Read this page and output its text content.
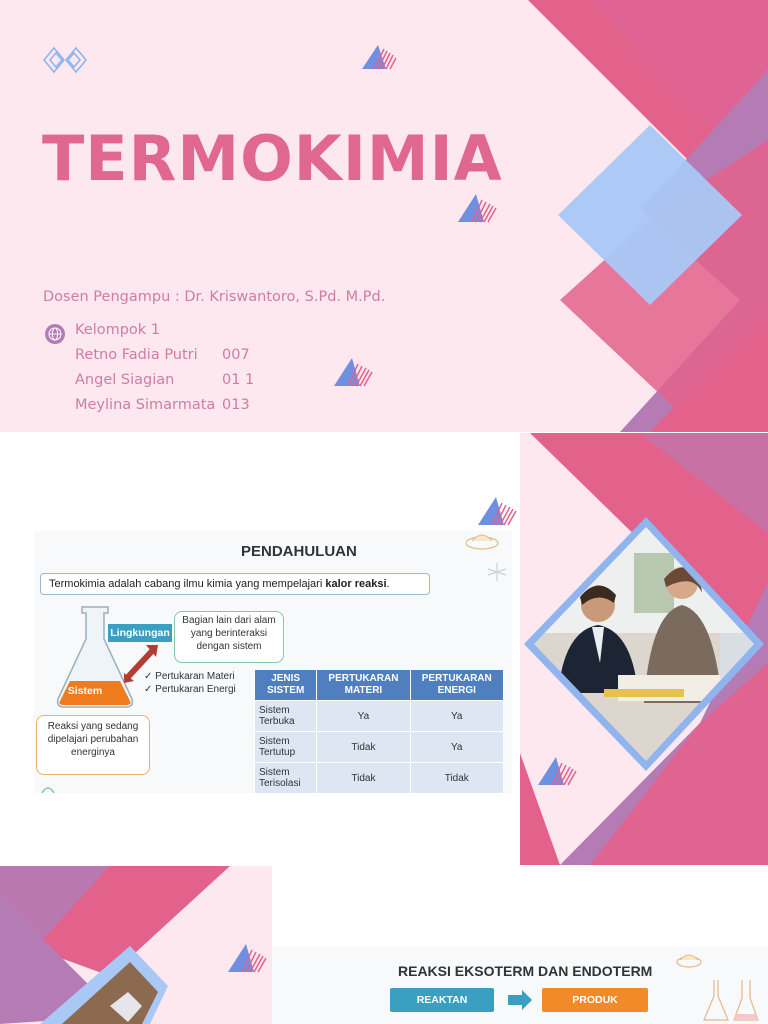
TERMOKIMIA
Dosen Pengampu : Dr. Kriswantoro, S.Pd. M.Pd.
Kelompok 1
Retno Fadia Putri 007
Angel Siagian	01 1
Meylina Simarmata 013
PENDAHULUAN
Termokimia adalah cabang ilmu kimia yang mempelajari kalor reaksi.
Sistem
Lingkungan
Bagian lain dari alam yang berinteraksi dengan sistem
✓ Pertukaran Materi
✓ Pertukaran Energi
Reaksi yang sedang dipelajari perubahan energinya
JENIS SISTEM	PERTUKARAN MATERI	PERTUKARAN ENERGI
Sistem Terbuka	Ya	Ya
Sistem Tertutup	Tidak	Ya
Sistem Terisolasi	Tidak	Tidak
REAKSI EKSOTERM DAN ENDOTERM
REAKTAN	PRODUK
